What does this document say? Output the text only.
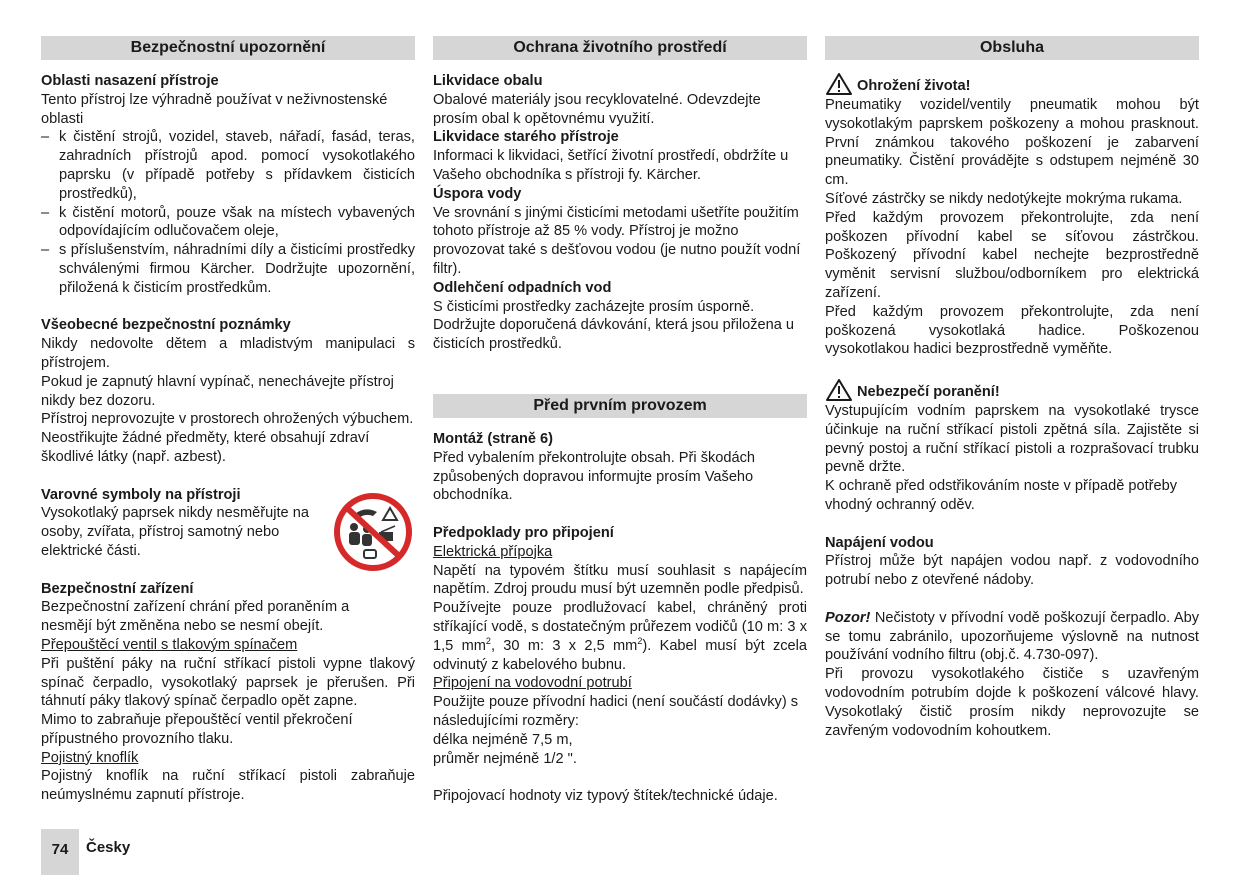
Bezpečnostní upozornění
Oblasti nasazení přístroje

Tento přístroj lze výhradně používat v neživnostenské oblasti

– k čistění strojů, vozidel, staveb, nářadí, fasád, teras, zahradních přístrojů apod. pomocí vysokotlakého paprsku (v případě potřeby s přídavkem čisticích prostředků),
– k čistění motorů, pouze však na místech vybavených odpovídajícím odlučovačem oleje,
– s příslušenstvím, náhradními díly a čisticími prostředky schválenými firmou Kärcher. Dodržujte upozornění, přiložená k čisticím prostředkům.
Všeobecné bezpečnostní poznámky

Nikdy nedovolte dětem a mladistvým manipulaci s přístrojem.

Pokud je zapnutý hlavní vypínač, nenechávejte přístroj nikdy bez dozoru.

Přístroj neprovozujte v prostorech ohrožených výbuchem. Neostřikujte žádné předměty, které obsahují zdraví škodlivé látky (např. azbest).

Varovné symboly na přístroji

Vysokotlaký paprsek nikdy nesměřujte na osoby, zvířata, přístroj samotný nebo elektrické části.

Bezpečnostní zařízení

Bezpečnostní zařízení chrání před poraněním a nesmějí být změněna nebo se nesmí obejít.

Přepouštěcí ventil s tlakovým spínačem

Při puštění páky na ruční stříkací pistoli vypne tlakový spínač čerpadlo, vysokotlaký paprsek je přerušen. Při táhnutí páky tlakový spínač čerpadlo opět zapne.

Mimo to zabraňuje přepouštěcí ventil překročení přípustného provozního tlaku.

Pojistný knoflík

Pojistný knoflík na ruční stříkací pistoli zabraňuje neúmyslnému zapnutí přístroje.

Ochrana životního prostředí
Likvidace obalu

Obalové materiály jsou recyklovatelné. Odevzdejte prosím obal k opětovnému využití.

Likvidace starého přístroje

Informaci k likvidaci, šetřící životní prostředí, obdržíte u Vašeho obchodníka s přístroji fy. Kärcher.

Úspora vody

Ve srovnání s jinými čisticími metodami ušetříte použitím tohoto přístroje až 85 % vody. Přístroj je možno provozovat také s dešťovou vodou (je nutno použít vodní filtr).

Odlehčení odpadních vod

S čisticími prostředky zacházejte prosím úsporně. Dodržujte doporučená dávkování, která jsou přiložena u čisticích prostředků.

Před prvním provozem
Montáž (straně 6)

Před vybalením překontrolujte obsah. Při škodách způsobených dopravou informujte prosím Vašeho obchodníka.

Předpoklady pro připojení
Elektrická přípojka

Napětí na typovém štítku musí souhlasit s napájecím napětím. Zdroj proudu musí být uzemněn podle předpisů.

Používejte pouze prodlužovací kabel, chráněný proti stříkající vodě, s dostatečným průřezem vodičů (10 m: 3 x 1,5 $mm^2$, 30 m: 3 x 2,5 $mm^2$). Kabel musí být zcela odvinutý z kabelového bubnu.

Připojení na vodovodní potrubí

Použijte pouze přívodní hadici (není součástí dodávky) s následujícími rozměry:

délka nejméně 7,5 m,

průměr nejméně 1/2 ".

Připojovací hodnoty viz typový štítek/technické údaje.

Obsluha
Ohrožení života!

Pneumatiky vozidel/ventily pneumatik mohou být vysokotlakým paprskem poškozeny a mohou prasknout. První známkou takového poškození je zabarvení pneumatiky. Čistění provádějte s odstupem nejméně 30 cm.

Síťové zástrčky se nikdy nedotýkejte mokrýma rukama.

Před každým provozem překontrolujte, zda není poškozen přívodní kabel se síťovou zástrčkou. Poškozený přívodní kabel nechejte bezprostředně vyměnit servisní službou/odborníkem pro elektrická zařízení.

Před každým provozem překontrolujte, zda není poškozená vysokotlaká hadice. Poškozenou vysokotlakou hadici bezprostředně vyměňte.

Nebezpečí poranění!

Vystupujícím vodním paprskem na vysokotlaké trysce účinkuje na ruční stříkací pistoli zpětná síla. Zajistěte si pevný postoj a ruční stříkací pistoli a rozprašovací trubku pevně držte.

K ochraně před odstřikováním noste v případě potřeby vhodný ochranný oděv.

Napájení vodou

Přístroj může být napájen vodou např. z vodovodního potrubí nebo z otevřené nádoby.

Pozor! Nečistoty v přívodní vodě poškozují čerpadlo. Aby se tomu zabránilo, upozorňujeme výslovně na nutnost používání vodního filtru (obj.č. 4.730-097).

Při provozu vysokotlakého čističe s uzavřeným vodovodním potrubím dojde k poškození válcové hlavy. Vysokotlaký čistič prosím nikdy neprovozujte se zavřeným vodovodním kohoutkem.

74	Česky
